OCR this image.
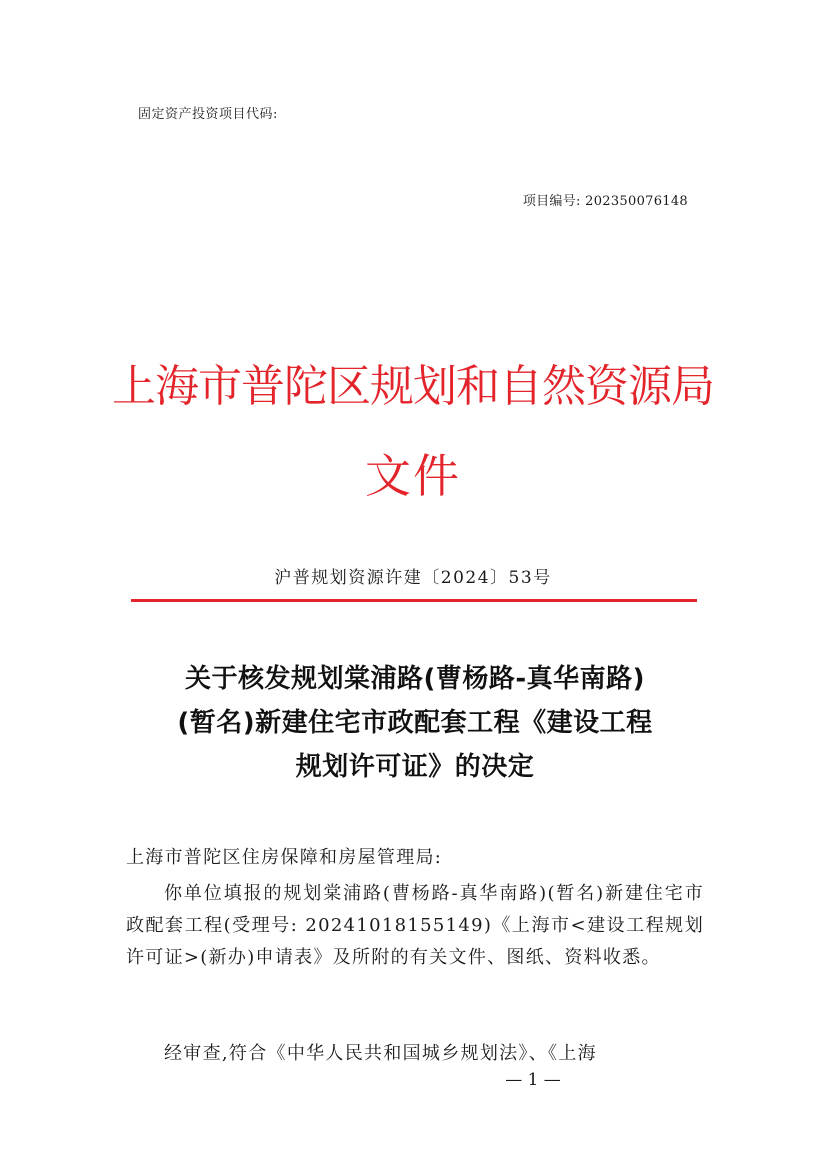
固定资产投资项目代码:
项目编号: 202350076148
上海市普陀区规划和自然资源局
文件
沪普规划资源许建〔2024〕53号
关于核发规划棠浦路(曹杨路-真华南路)
(暂名)新建住宅市政配套工程《建设工程
规划许可证》的决定
上海市普陀区住房保障和房屋管理局:
你单位填报的规划棠浦路(曹杨路-真华南路)(暂名)新建住宅市政配套工程(受理号: 20241018155149)《上海市<建设工程规划许可证>(新办)申请表》及所附的有关文件、图纸、资料收悉。
经审查,符合《中华人民共和国城乡规划法》、《上海
— 1 —
